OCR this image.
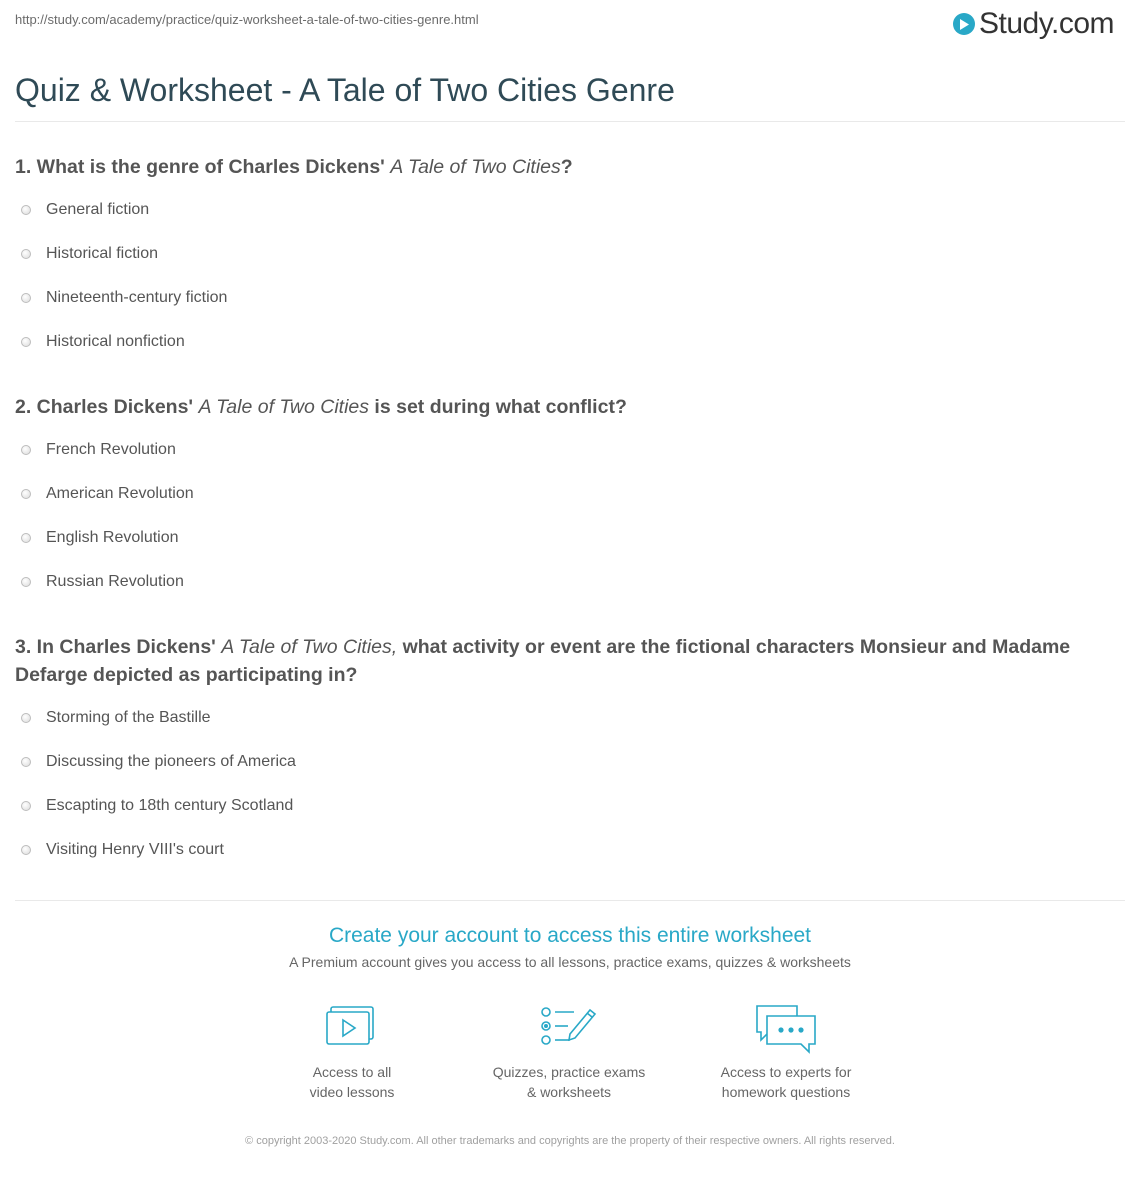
http://study.com/academy/practice/quiz-worksheet-a-tale-of-two-cities-genre.html	Study.com
Quiz & Worksheet - A Tale of Two Cities Genre

1. What is the genre of Charles Dickens' A Tale of Two Cities?

General fiction
Historical fiction
Nineteenth-century fiction
Historical nonfiction

2. Charles Dickens' A Tale of Two Cities is set during what conflict?

French Revolution
American Revolution
English Revolution
Russian Revolution

3. In Charles Dickens' A Tale of Two Cities, what activity or event are the fictional characters Monsieur and Madame Defarge depicted as participating in?

Storming of the Bastille
Discussing the pioneers of America
Escapting to 18th century Scotland
Visiting Henry VIII's court
Create your account to access this entire worksheet
A Premium account gives you access to all lessons, practice exams, quizzes & worksheets
Access to all
video lessons
Quizzes, practice exams
& worksheets
Access to experts for
homework questions
© copyright 2003-2020 Study.com. All other trademarks and copyrights are the property of their respective owners. All rights reserved.
